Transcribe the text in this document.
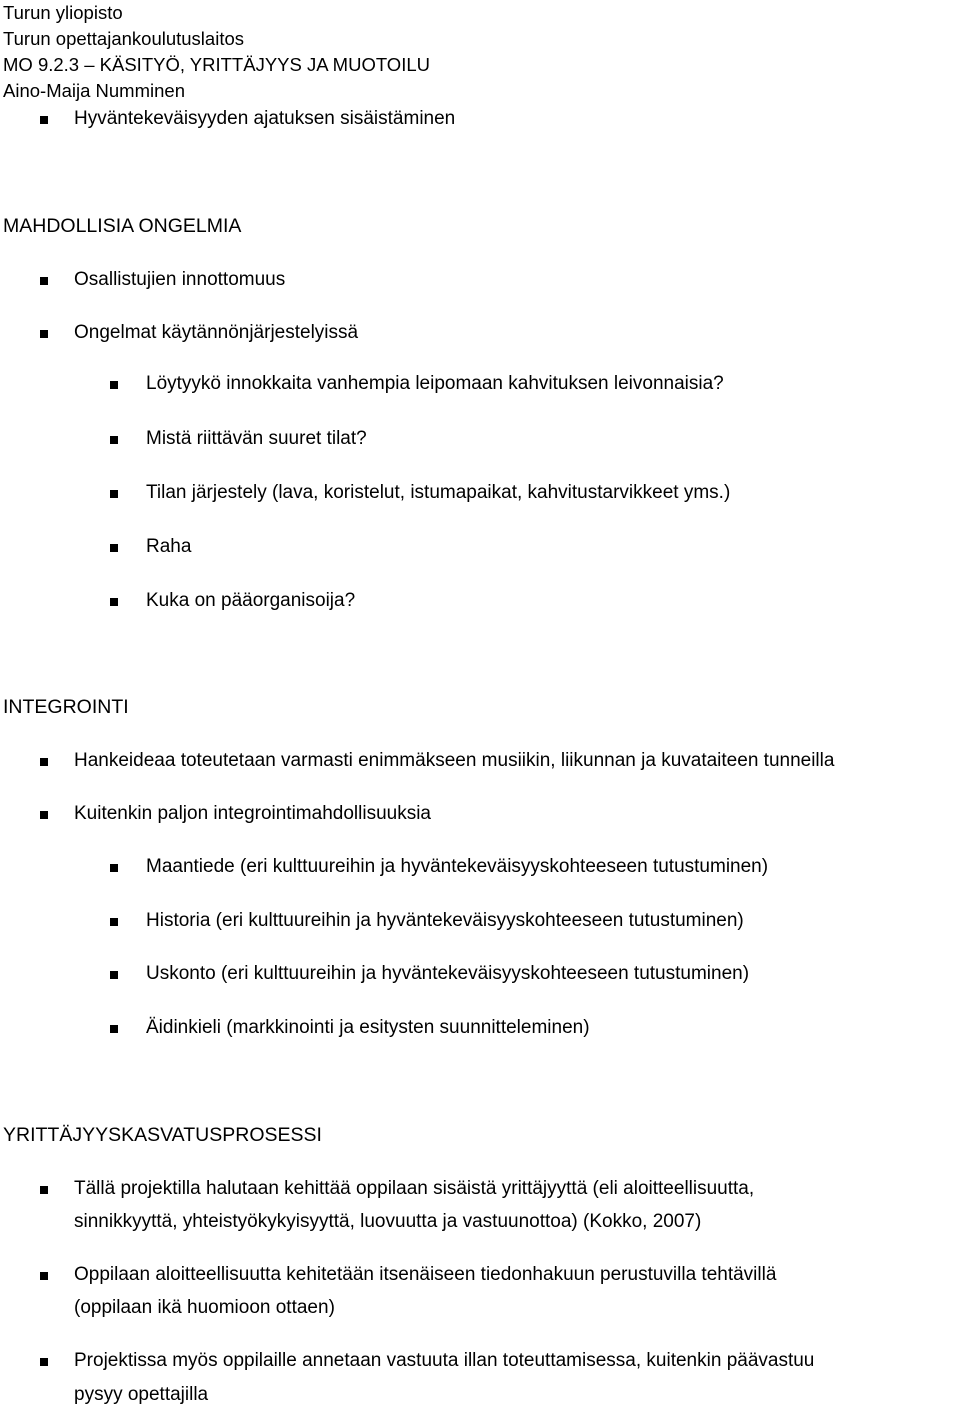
Turun yliopisto
Turun opettajankoulutuslaitos
MO 9.2.3 – KÄSITYÖ, YRITTÄJYYS JA MUOTOILU
Aino-Maija Numminen
Hyväntekeväisyyden ajatuksen sisäistäminen
MAHDOLLISIA ONGELMIA
Osallistujien innottomuus
Ongelmat käytännönjärjestelyissä
Löytyykö innokkaita vanhempia leipomaan kahvituksen leivonnaisia?
Mistä riittävän suuret tilat?
Tilan järjestely (lava, koristelut, istumapaikat, kahvitustarvikkeet yms.)
Raha
Kuka on pääorganisoija?
INTEGROINTI
Hankeideaa toteutetaan varmasti enimmäkseen musiikin, liikunnan ja kuvataiteen tunneilla
Kuitenkin paljon integrointimahdollisuuksia
Maantiede (eri kulttuureihin ja hyväntekeväisyyskohteeseen tutustuminen)
Historia (eri kulttuureihin ja hyväntekeväisyyskohteeseen tutustuminen)
Uskonto (eri kulttuureihin ja hyväntekeväisyyskohteeseen tutustuminen)
Äidinkieli (markkinointi ja esitysten suunnitteleminen)
YRITTÄJYYSKASVATUSPROSESSI
Tällä projektilla halutaan kehittää oppilaan sisäistä yrittäjyyttä (eli aloitteellisuutta,
sinnikkyyttä, yhteistyökykyisyyttä, luovuutta ja vastuunottoa) (Kokko, 2007)
Oppilaan aloitteellisuutta kehitetään itsenäiseen tiedonhakuun perustuvilla tehtävillä
(oppilaan ikä huomioon ottaen)
Projektissa myös oppilaille annetaan vastuuta illan toteuttamisessa, kuitenkin päävastuu
pysyy opettajilla
